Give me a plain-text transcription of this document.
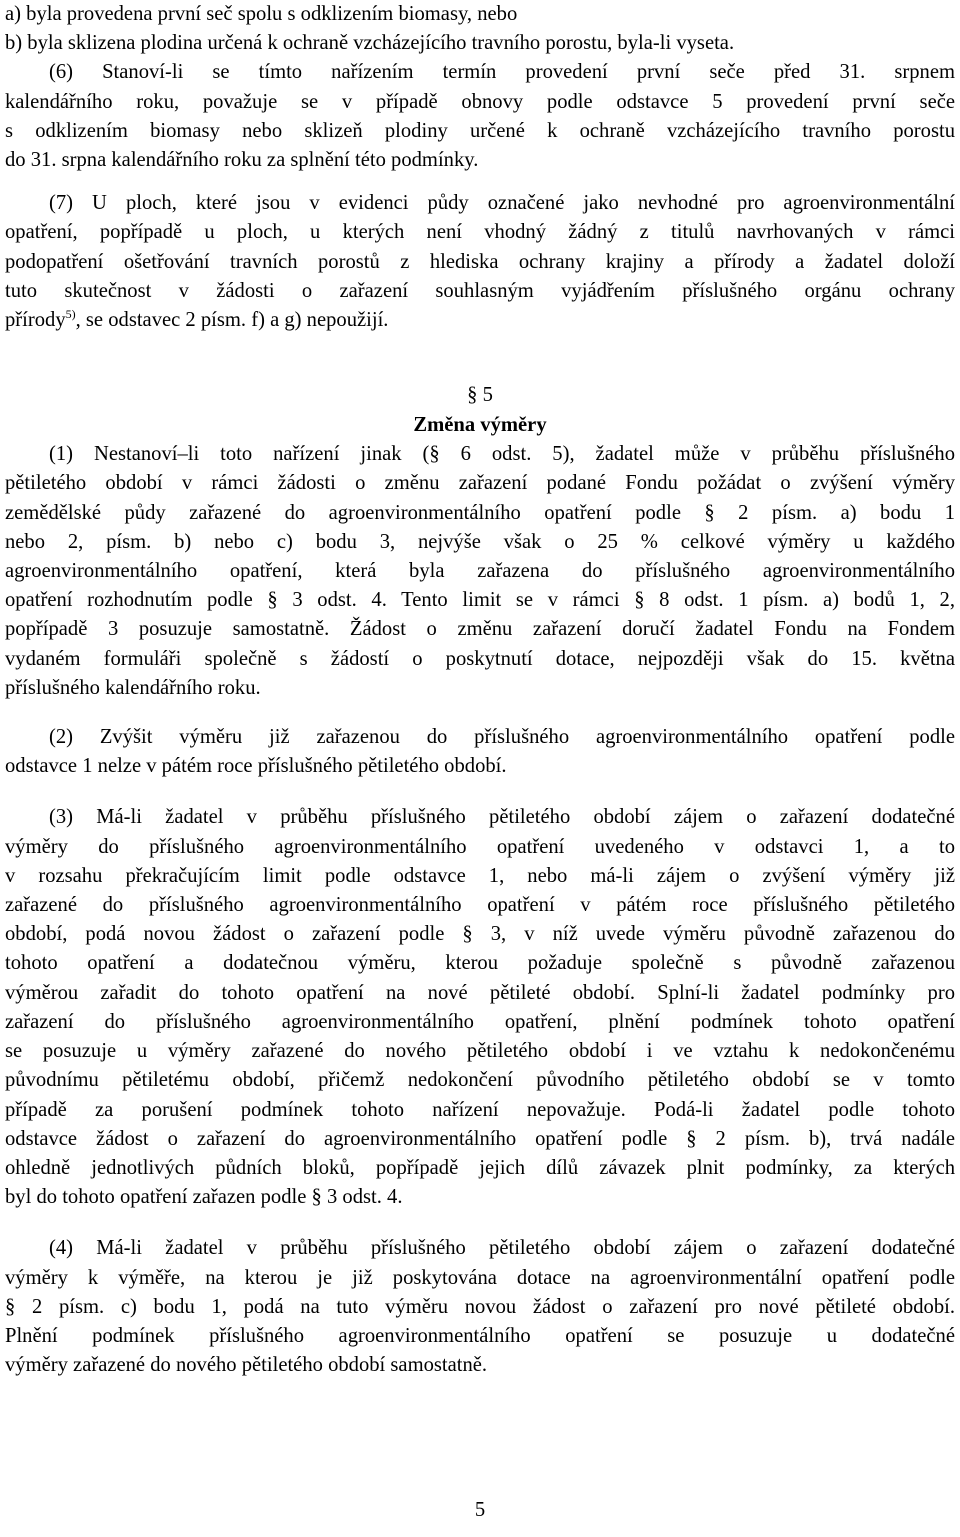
a) byla provedena první seč spolu s odklizením biomasy, nebo
b) byla sklizena plodina určená k ochraně vzcházejícího travního porostu, byla-li vyseta.
(6) Stanoví-li se tímto nařízením termín provedení první seče před 31. srpnem
kalendářního roku, považuje se v případě obnovy podle odstavce 5 provedení první seče
s odklizením biomasy nebo sklizeň plodiny určené k ochraně vzcházejícího travního porostu
do 31. srpna kalendářního roku za splnění této podmínky.
(7) U ploch, které jsou v evidenci půdy označené jako nevhodné pro agroenvironmentální
opatření, popřípadě u ploch, u kterých není vhodný žádný z titulů navrhovaných v rámci
podopatření ošetřování travních porostů z hlediska ochrany krajiny a přírody a žadatel doloží
tuto skutečnost v žádosti o zařazení souhlasným vyjádřením příslušného orgánu ochrany
přírody$^{5)}$, se odstavec 2 písm. f) a g) nepoužijí.
§ 5
Změna výměry
(1) Nestanoví–li toto nařízení jinak (§ 6 odst. 5), žadatel může v průběhu příslušného
pětiletého období v rámci žádosti o změnu zařazení podané Fondu požádat o zvýšení výměry
zemědělské půdy zařazené do agroenvironmentálního opatření podle § 2 písm. a) bodu 1
nebo 2, písm. b) nebo c) bodu 3, nejvýše však o 25 % celkové výměry u každého
agroenvironmentálního opatření, která byla zařazena do příslušného agroenvironmentálního
opatření rozhodnutím podle § 3 odst. 4. Tento limit se v rámci § 8 odst. 1 písm. a) bodů 1, 2,
popřípadě 3 posuzuje samostatně. Žádost o změnu zařazení doručí žadatel Fondu na Fondem
vydaném formuláři společně s žádostí o poskytnutí dotace, nejpozději však do 15. května
příslušného kalendářního roku.
(2) Zvýšit výměru již zařazenou do příslušného agroenvironmentálního opatření podle
odstavce 1 nelze v pátém roce příslušného pětiletého období.
(3) Má-li žadatel v průběhu příslušného pětiletého období zájem o zařazení dodatečné
výměry do příslušného agroenvironmentálního opatření uvedeného v odstavci 1, a to
v rozsahu překračujícím limit podle odstavce 1, nebo má-li zájem o zvýšení výměry již
zařazené do příslušného agroenvironmentálního opatření v pátém roce příslušného pětiletého
období, podá novou žádost o zařazení podle § 3, v níž uvede výměru původně zařazenou do
tohoto opatření a dodatečnou výměru, kterou požaduje společně s původně zařazenou
výměrou zařadit do tohoto opatření na nové pětileté období. Splní-li žadatel podmínky pro
zařazení do příslušného agroenvironmentálního opatření, plnění podmínek tohoto opatření
se posuzuje u výměry zařazené do nového pětiletého období i ve vztahu k nedokončenému
původnímu pětiletému období, přičemž nedokončení původního pětiletého období se v tomto
případě za porušení podmínek tohoto nařízení nepovažuje. Podá-li žadatel podle tohoto
odstavce žádost o zařazení do agroenvironmentálního opatření podle § 2 písm. b), trvá nadále
ohledně jednotlivých půdních bloků, popřípadě jejich dílů závazek plnit podmínky, za kterých
byl do tohoto opatření zařazen podle § 3 odst. 4.
(4) Má-li žadatel v průběhu příslušného pětiletého období zájem o zařazení dodatečné
výměry k výměře, na kterou je již poskytována dotace na agroenvironmentální opatření podle
§ 2 písm. c) bodu 1, podá na tuto výměru novou žádost o zařazení pro nové pětileté období.
Plnění podmínek příslušného agroenvironmentálního opatření se posuzuje u dodatečné
výměry zařazené do nového pětiletého období samostatně.
5
